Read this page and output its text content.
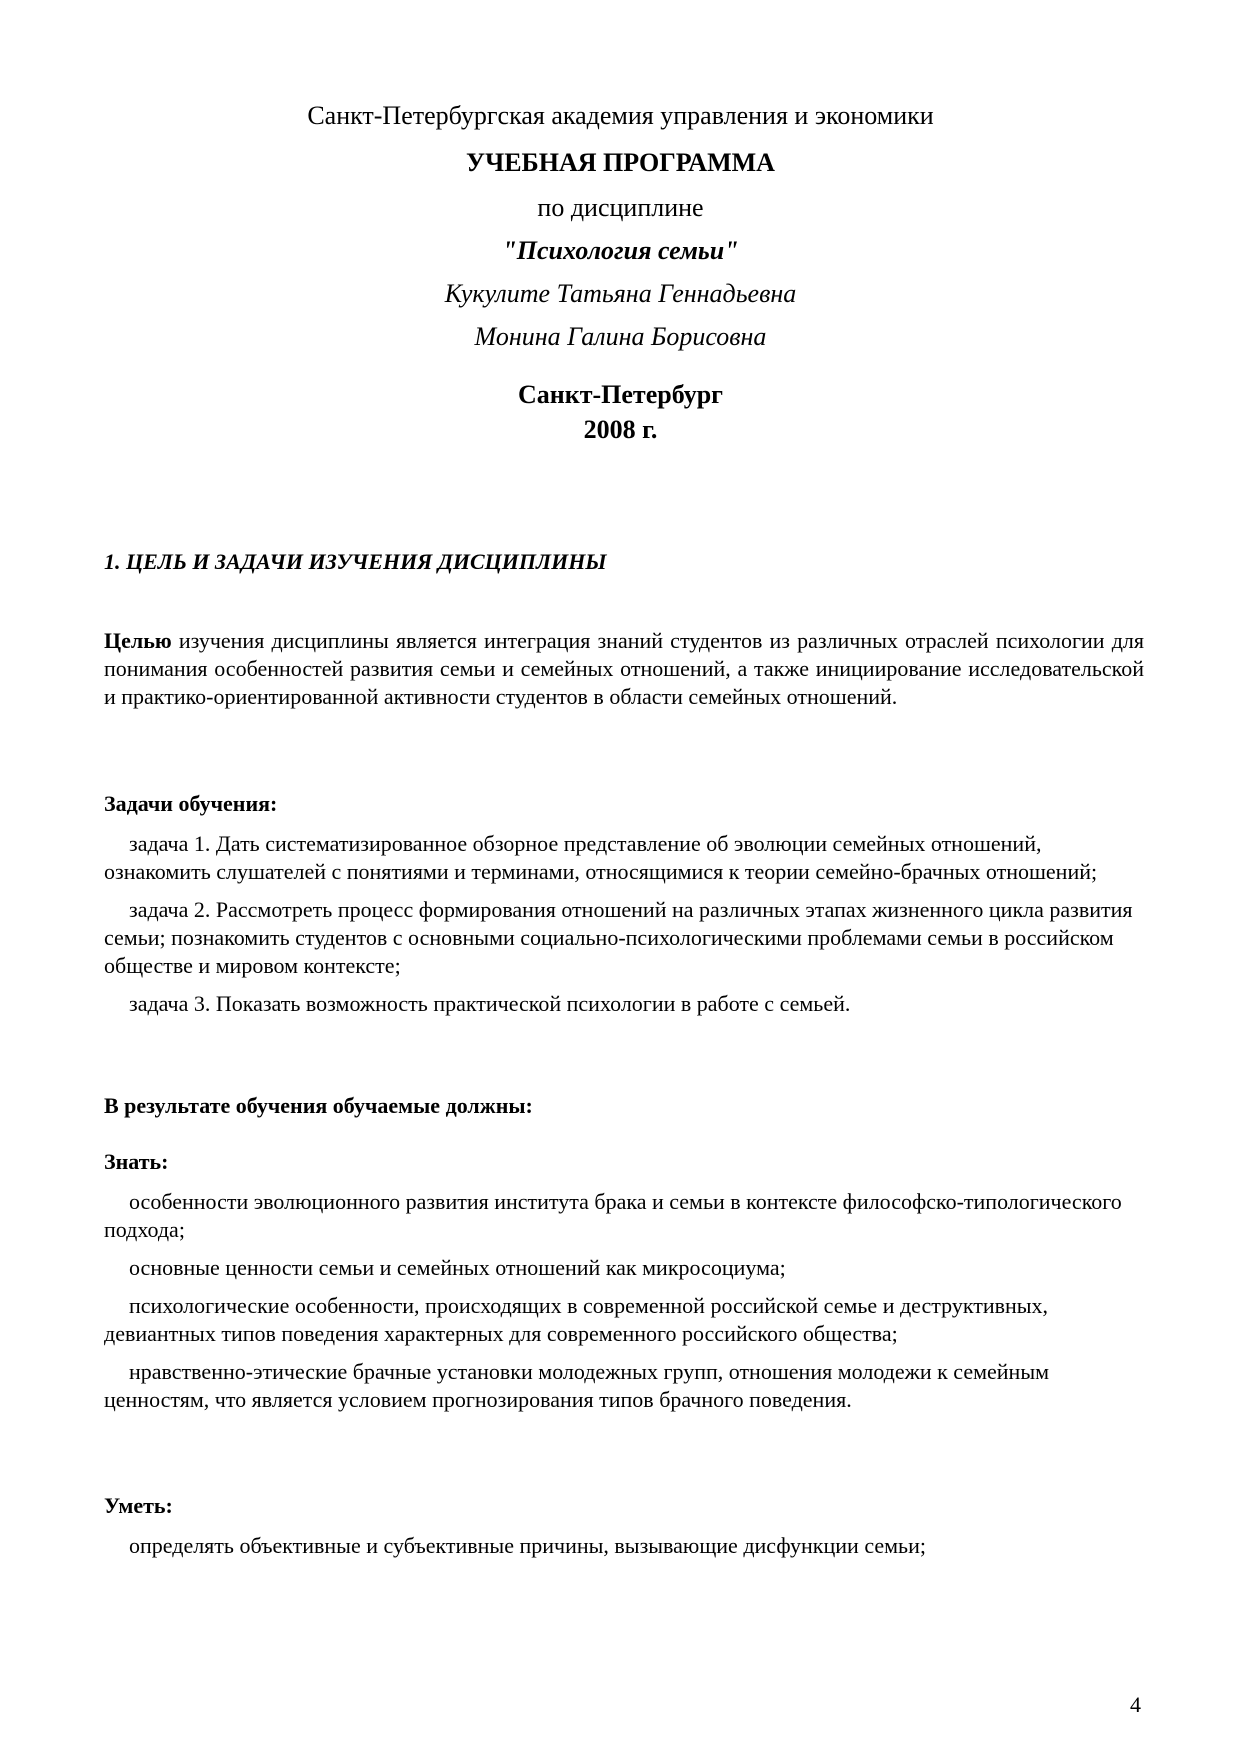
Санкт-Петербургская академия управления и экономики
УЧЕБНАЯ ПРОГРАММА
по дисциплине
"Психология семьи"
Кукулите Татьяна Геннадьевна
Монина Галина Борисовна
Санкт-Петербург
2008 г.
1. ЦЕЛЬ И ЗАДАЧИ ИЗУЧЕНИЯ ДИСЦИПЛИНЫ
Целью изучения дисциплины является интеграция знаний студентов из различных отраслей психологии для понимания особенностей развития семьи и семейных отношений, а также инициирование исследовательской и практико-ориентированной активности студентов в области семейных отношений.
Задачи обучения:
задача 1. Дать систематизированное обзорное представление об эволюции семейных отношений, ознакомить слушателей с понятиями и терминами, относящимися к теории семейно-брачных отношений;
задача 2. Рассмотреть процесс формирования отношений на различных этапах жизненного цикла развития семьи; познакомить студентов с основными социально-психологическими проблемами семьи в российском обществе и мировом контексте;
задача 3. Показать возможность практической психологии в работе с семьей.
В результате обучения обучаемые должны:
Знать:
особенности эволюционного развития института брака и семьи в контексте философско-типологического подхода;
основные ценности семьи и семейных отношений как микросоциума;
психологические особенности, происходящих в современной российской семье и деструктивных, девиантных типов поведения характерных для современного российского общества;
нравственно-этические брачные установки молодежных групп, отношения молодежи к семейным ценностям, что является условием прогнозирования типов брачного поведения.
Уметь:
определять объективные и субъективные причины, вызывающие дисфункции семьи;
4
